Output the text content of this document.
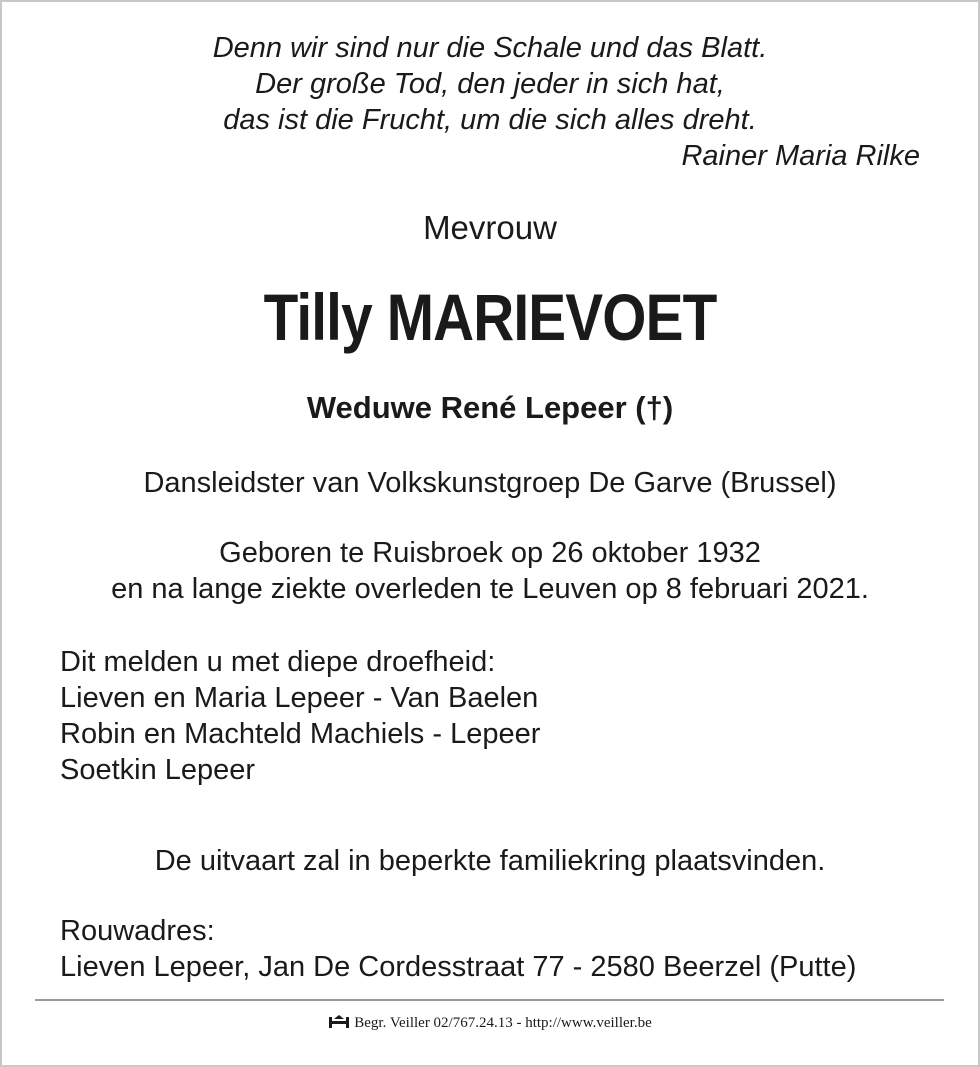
Denn wir sind nur die Schale und das Blatt.
Der große Tod, den jeder in sich hat,
das ist die Frucht, um die sich alles dreht.
Rainer Maria Rilke
Mevrouw
Tilly MARIEVOET
Weduwe René Lepeer (†)
Dansleidster van Volkskunstgroep De Garve (Brussel)
Geboren te Ruisbroek op 26 oktober 1932
en na lange ziekte overleden te Leuven op 8 februari 2021.
Dit melden u met diepe droefheid:
Lieven en Maria Lepeer - Van Baelen
Robin en Machteld Machiels - Lepeer
Soetkin Lepeer
De uitvaart zal in beperkte familiekring plaatsvinden.
Rouwadres:
Lieven Lepeer, Jan De Cordesstraat 77 - 2580 Beerzel (Putte)
Begr. Veiller 02/767.24.13 - http://www.veiller.be
